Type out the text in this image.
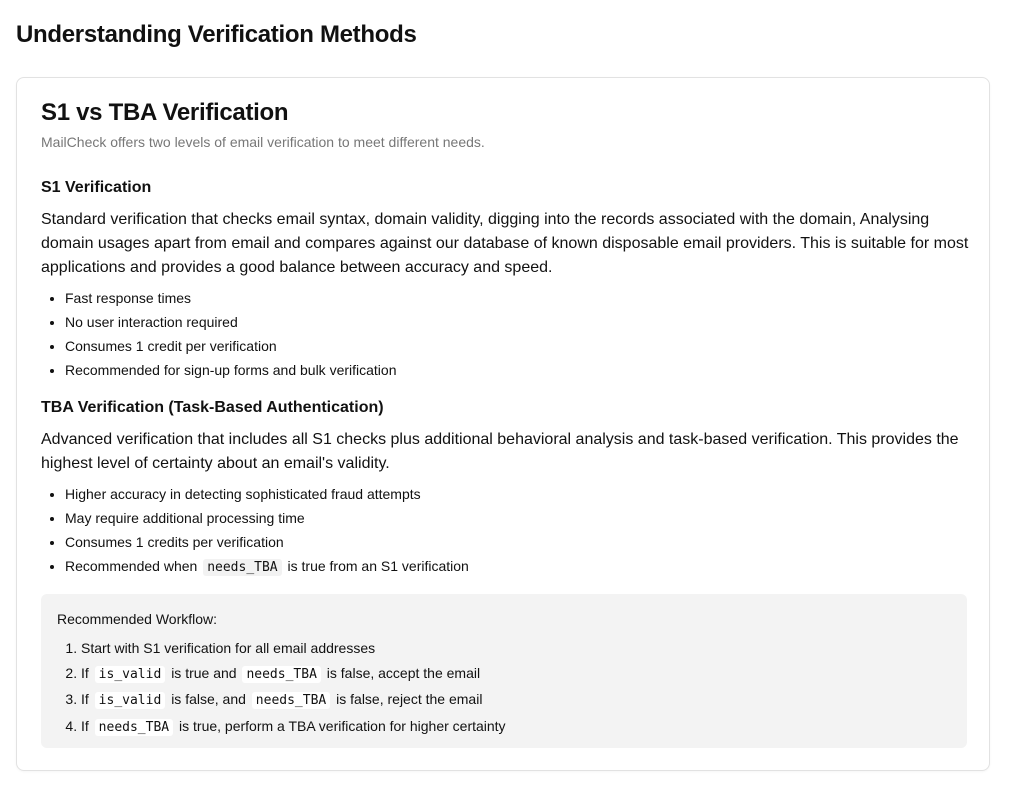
Understanding Verification Methods
S1 vs TBA Verification

MailCheck offers two levels of email verification to meet different needs.

S1 Verification

Standard verification that checks email syntax, domain validity, digging into the records associated with the domain, Analysing domain usages apart from email and compares against our database of known disposable email providers. This is suitable for most applications and provides a good balance between accuracy and speed.

• Fast response times
• No user interaction required
• Consumes 1 credit per verification
• Recommended for sign-up forms and bulk verification
TBA Verification (Task-Based Authentication)

Advanced verification that includes all S1 checks plus additional behavioral analysis and task-based verification. This provides the highest level of certainty about an email's validity.

• Higher accuracy in detecting sophisticated fraud attempts
• May require additional processing time
• Consumes 1 credits per verification
• Recommended when needs_TBA is true from an S1 verification

Recommended Workflow:

1. Start with S1 verification for all email addresses
2. If is_valid is true and needs_TBA is false, accept the email
3. If is_valid is false, and needs_TBA is false, reject the email
4. If needs_TBA is true, perform a TBA verification for higher certainty
